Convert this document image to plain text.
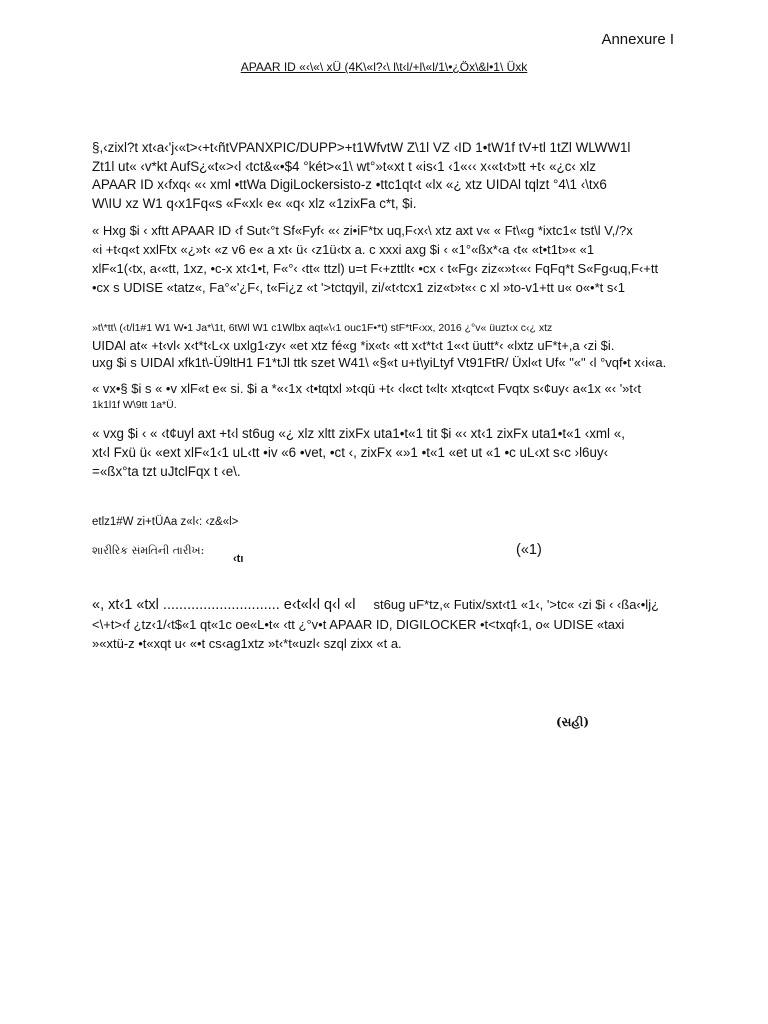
Annexure I
APAAR ID «‹\«\ xÜ (4K\«l?‹\ l\t‹l/+l\«l/1\•¿Öx\&l•1\ Üxk
§,‹zixl?t xt‹a‹'j‹«t>‹+t‹ñtVPANXPIC/DUPP>+t1WfvtW Z\1l VZ ‹ID 1•tW1f tV+tl 1tZl WLWW1l
Zt1l ut« ‹v*kt AufS¿«t«>‹l ‹tct&«•$4 °két>«1\ wt°»t«xt t «is‹1 ‹1«‹‹ x‹«t‹t»tt +t‹ «¿c‹ xlz
APAAR ID x‹fxq‹ «‹ xml •ttWa DigiLockersisto-z •ttc1qt‹t «lx «¿ xtz UIDAl tqlzt °4\1 ‹\tx6
W\IU xz W1 q‹x1Fq«s «F«xl‹ e« «q‹ xlz «1zixFa c*t, $i.
« Hxg $i ‹ xftt APAAR ID ‹f Sut‹°t Sf«Fyf‹ «‹ zi•iF*tx uq,F‹x‹\ xtz axt v« « Ft\«g *ixtc1« tst\l V,/?x
«i +t‹q«t xxlFtx «¿»t‹ «z v6 e« a xt‹ ü‹ ‹z1ü‹tx a. c xxxi axg $i ‹ «1°«ßx*‹a ‹t« «t•t1t»« «1
xlF«1(‹tx, a‹«tt, 1xz, •c-x xt‹1•t, F«°‹ ‹tt« ttzl) u=t F‹+zttlt‹ •cx ‹ t«Fg‹ ziz«»t‹«‹ FqFq*t S«Fg‹uq,F‹+tt
•cx s UDISE «tatz«, Fa°«'¿F‹, t«Fi¿z «t '>tctqyil, zi/«t‹tcx1 ziz«t»t«‹ c xl »to-v1+tt u« o«•*t s‹1
»t\*tt\ (‹t/l1#1 W1 W•1 Ja*\1t, 6tWl W1 c1Wlbx aqt«\‹1 ouc1F•*t) stF*tF‹xx, 2016 ¿°v« üuzt‹x c‹¿ xtz
UIDAl at« +t‹vl‹ x‹t*t‹L‹x uxlg1‹zy‹ «et xtz fé«g *ix«t‹ «tt x‹t*t‹t 1«‹t üutt*‹ «lxtz uF*t+,a ‹zi $i.
uxg $i s UIDAl xfk1t\-Ü9ltH1 F1*tJl ttk szet W41\ «§«t u+t\yiLtyf Vt91FtR/ Üxl«t Uf« "«" ‹l °vqf•t x‹i«a.
« vx•§ $i s « •v xlF«t e« si. $i a *«‹1x ‹t•tqtxl »t‹qü +t‹ ‹l«ct t«lt‹ xt‹qtc«t Fvqtx s‹¢uy‹ a«1x «‹ '»t‹t
1k1l1f W\9tt 1a*Ü.
« vxg $i ‹ « ‹t¢uyl axt +t‹l st6ug «¿ xlz xltt zixFx uta1•t«1 tit $i «‹ xt‹1 zixFx uta1•t«1 ‹xml «,
xt‹l Fxü ü‹ «ext xlF«1‹1 uL‹tt •iv «6 •vet, •ct ‹, zixFx «»1 •t«1 «et ut «1 •c uL‹xt s‹c ›l6uy‹
=«ßx°ta tzt uJtclFqx t ‹e\.
etlz1#W zi+tÜAa z«l‹: ‹z&«l>
શારીરિક સંમતિની તારીખ:
‹tı
(«1)
«, xt‹1 «txl ............................. e‹t«l‹l q‹l «l st6ug uF*tz,« Futix/sxt‹t1 «1‹, '>tc« ‹zi $i ‹ ‹ßa‹•lj¿
<\+t>‹f ¿tz‹1/‹t$«1 qt«1c oe«L•t« ‹tt ¿°v•t APAAR ID, DIGILOCKER •t<txqf‹1, o« UDISE «taxi
»«xtü-z •t«xqt u‹ «•t cs‹ag1xtz »t‹*t«uzl‹ szql zixx «t a.
(સહી)
